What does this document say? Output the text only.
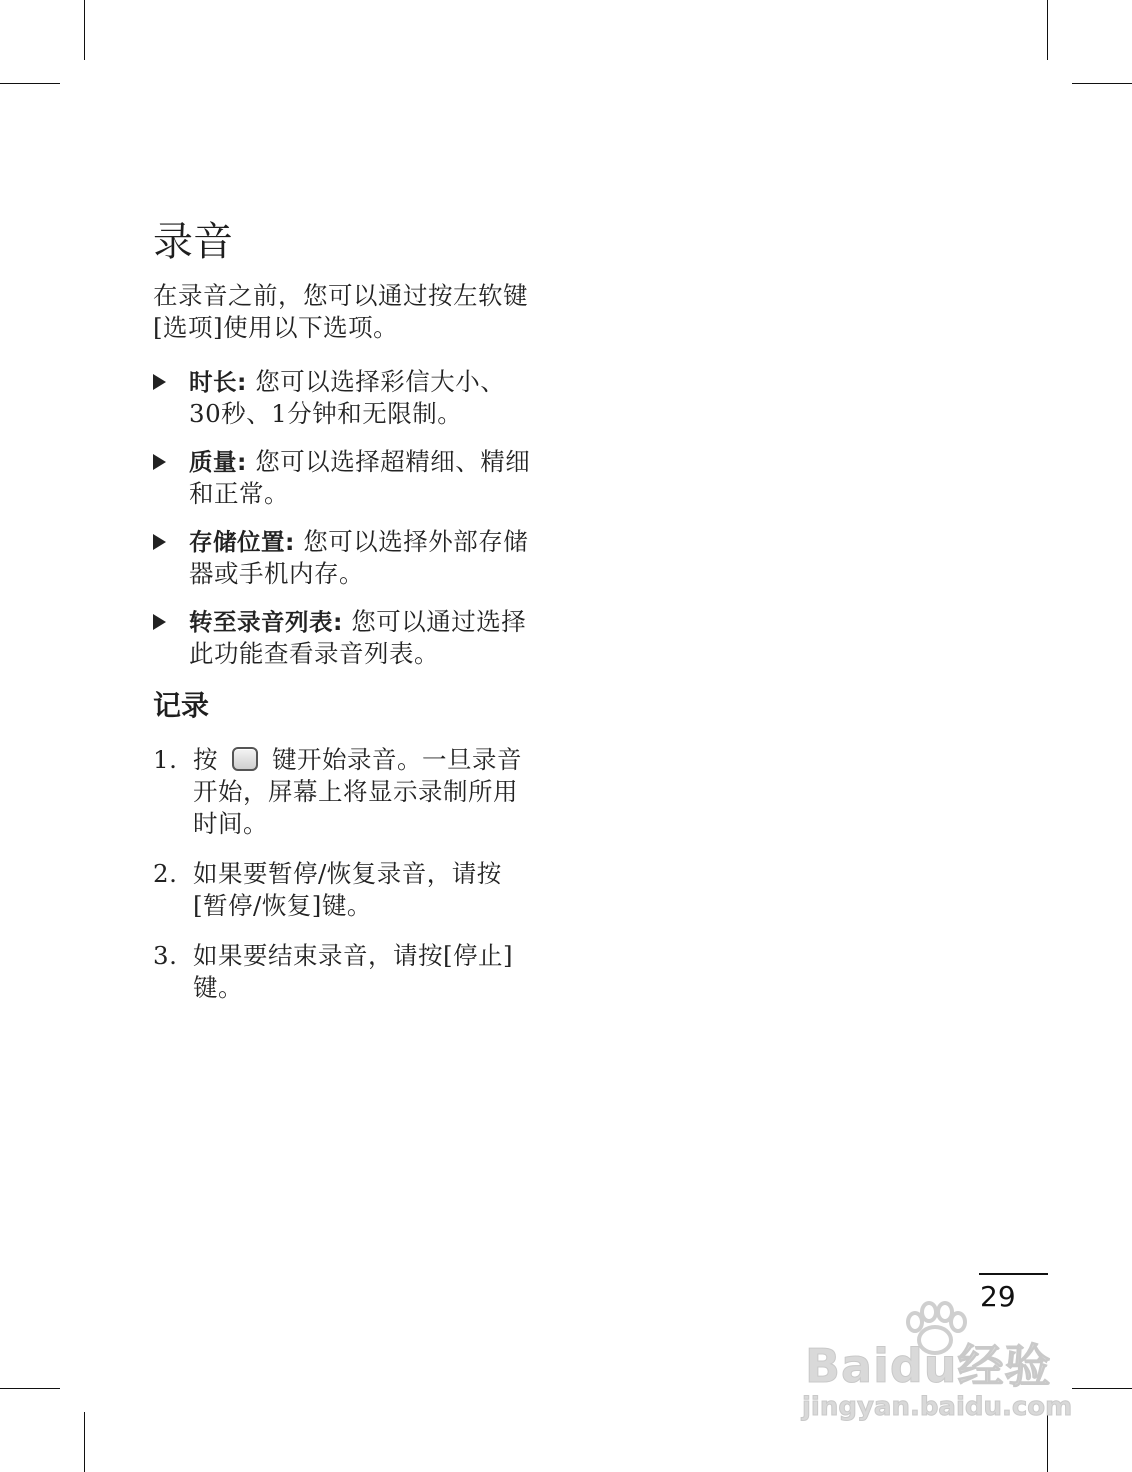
录音

在录音之前，您可以通过按左软键[选项]使用以下选项。

时长: 您可以选择彩信大小、30秒、1分钟和无限制。
质量: 您可以选择超精细、精细和正常。
存储位置: 您可以选择外部存储器或手机内存。
转至录音列表: 您可以通过选择此功能查看录音列表。
记录
1. 按 键开始录音。一旦录音开始，屏幕上将显示录制所用时间。
2. 如果要暂停/恢复录音，请按[暂停/恢复]键。
3. 如果要结束录音，请按[停止]键。
29
Baidu经验
jingyan.baidu.com
